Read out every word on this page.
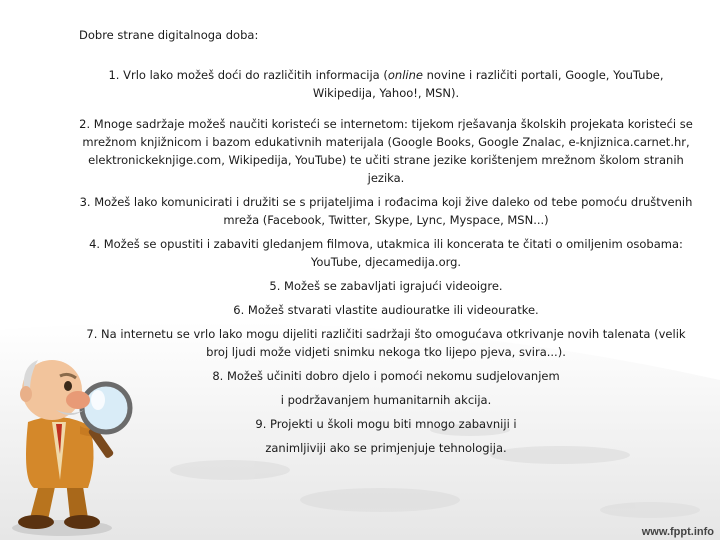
Dobre strane digitalnoga doba:
1. Vrlo lako možeš doći do različitih informacija (online novine i različiti portali, Google, YouTube, Wikipedija, Yahoo!, MSN).
2. Mnoge sadržaje možeš naučiti koristeći se internetom: tijekom rješavanja školskih projekata koristeći se mrežnom knjižnicom i bazom edukativnih materijala (Google Books, Google Znalac, e-knjiznica.carnet.hr, elektronickeknjige.com, Wikipedija, YouTube) te učiti strane jezike korištenjem mrežnom školom stranih jezika.
3. Možeš lako komunicirati i družiti se s prijateljima i rođacima koji žive daleko od tebe pomoću društvenih mreža (Facebook, Twitter, Skype, Lync, Myspace, MSN...)
4. Možeš se opustiti i zabaviti gledanjem filmova, utakmica ili koncerata te čitati o omiljenim osobama: YouTube, djecamedija.org.
5. Možeš se zabavljati igrajući videoigre.
6. Možeš stvarati vlastite audiouratke ili videouratke.
7. Na internetu se vrlo lako mogu dijeliti različiti sadržaji što omogućava otkrivanje novih talenata (velik broj ljudi može vidjeti snimku nekoga tko lijepo pjeva, svira...).
8. Možeš učiniti dobro djelo i pomoći nekomu sudjelovanjem
i podržavanjem humanitarnih akcija.
9. Projekti u školi mogu biti mnogo zabavniji i
zanimljiviji ako se primjenjuje tehnologija.
www.fppt.info
